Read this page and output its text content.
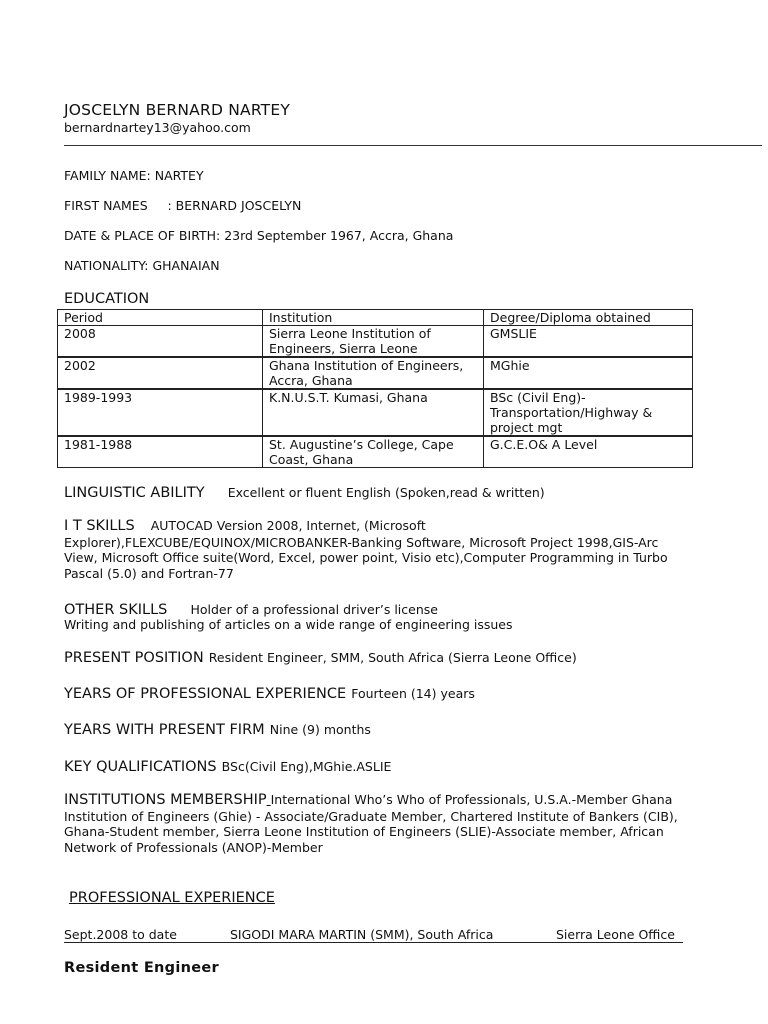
JOSCELYN BERNARD NARTEY
bernardnartey13@yahoo.com
FAMILY NAME: NARTEY
FIRST NAMES     : BERNARD JOSCELYN
DATE & PLACE OF BIRTH: 23rd September 1967, Accra, Ghana
NATIONALITY: GHANAIAN
EDUCATION
Period	Institution	Degree/Diploma obtained
2008	Sierra Leone Institution of Engineers, Sierra Leone	GMSLIE
2002	Ghana Institution of Engineers, Accra, Ghana	MGhie
1989-1993	K.N.U.S.T. Kumasi, Ghana	BSc (Civil Eng)-Transportation/Highway & project mgt
1981-1988	St. Augustine’s College, Cape Coast, Ghana	G.C.E.O& A Level
LINGUISTIC ABILITY Excellent or fluent English (Spoken,read & written)
I T SKILLS AUTOCAD Version 2008, Internet, (Microsoft Explorer),FLEXCUBE/EQUINOX/MICROBANKER-Banking Software, Microsoft Project 1998,GIS-Arc View, Microsoft Office suite(Word, Excel, power point, Visio etc),Computer Programming in Turbo Pascal (5.0) and Fortran-77
OTHER SKILLS Holder of a professional driver’s license
Writing and publishing of articles on a wide range of engineering issues
PRESENT POSITION Resident Engineer, SMM, South Africa (Sierra Leone Office)
YEARS OF PROFESSIONAL EXPERIENCE Fourteen (14) years
YEARS WITH PRESENT FIRM Nine (9) months
KEY QUALIFICATIONS BSc(Civil Eng),MGhie.ASLIE
INSTITUTIONS MEMBERSHIP International Who’s Who of Professionals, U.S.A.-Member Ghana Institution of Engineers (Ghie) - Associate/Graduate Member, Chartered Institute of Bankers (CIB), Ghana-Student member, Sierra Leone Institution of Engineers (SLIE)-Associate member, African Network of Professionals (ANOP)-Member
PROFESSIONAL EXPERIENCE
Sept.2008 to date	SIGODI MARA MARTIN (SMM), South Africa	Sierra Leone Office
Resident Engineer
